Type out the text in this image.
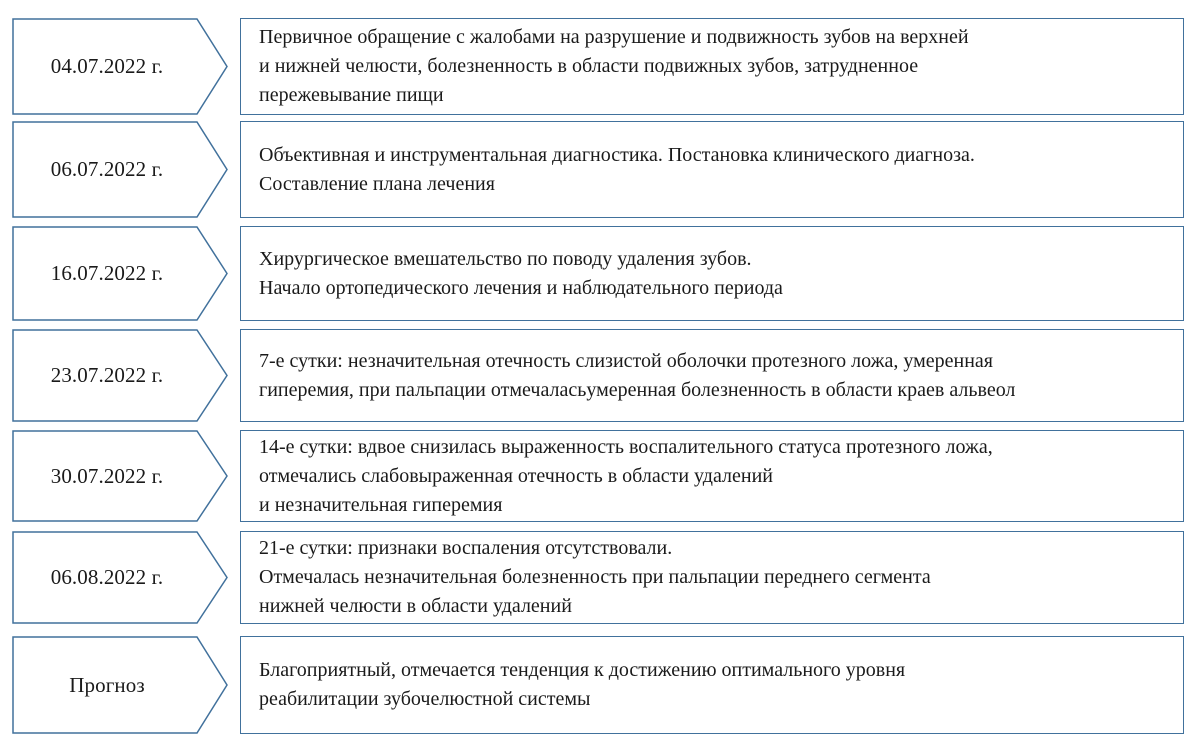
04.07.2022 г.
Первичное обращение с жалобами на разрушение и подвижность зубов на верхней
и нижней челюсти, болезненность в области подвижных зубов, затрудненное
пережевывание пищи
06.07.2022 г.
Объективная и инструментальная диагностика. Постановка клинического диагноза.
Составление плана лечения
16.07.2022 г.
Хирургическое вмешательство по поводу удаления зубов.
Начало ортопедического лечения и наблюдательного периода
23.07.2022 г.
7-е сутки: незначительная отечность слизистой оболочки протезного ложа, умеренная
гиперемия, при пальпации отмечаласьумеренная болезненность в области краев альвеол
30.07.2022 г.
14-е сутки: вдвое снизилась выраженность воспалительного статуса протезного ложа,
отмечались слабовыраженная отечность в области удалений
и незначительная гиперемия
06.08.2022 г.
21-е сутки: признаки воспаления отсутствовали.
Отмечалась незначительная болезненность при пальпации переднего сегмента
нижней челюсти в области удалений
Прогноз
Благоприятный, отмечается тенденция к достижению оптимального уровня
реабилитации зубочелюстной системы
